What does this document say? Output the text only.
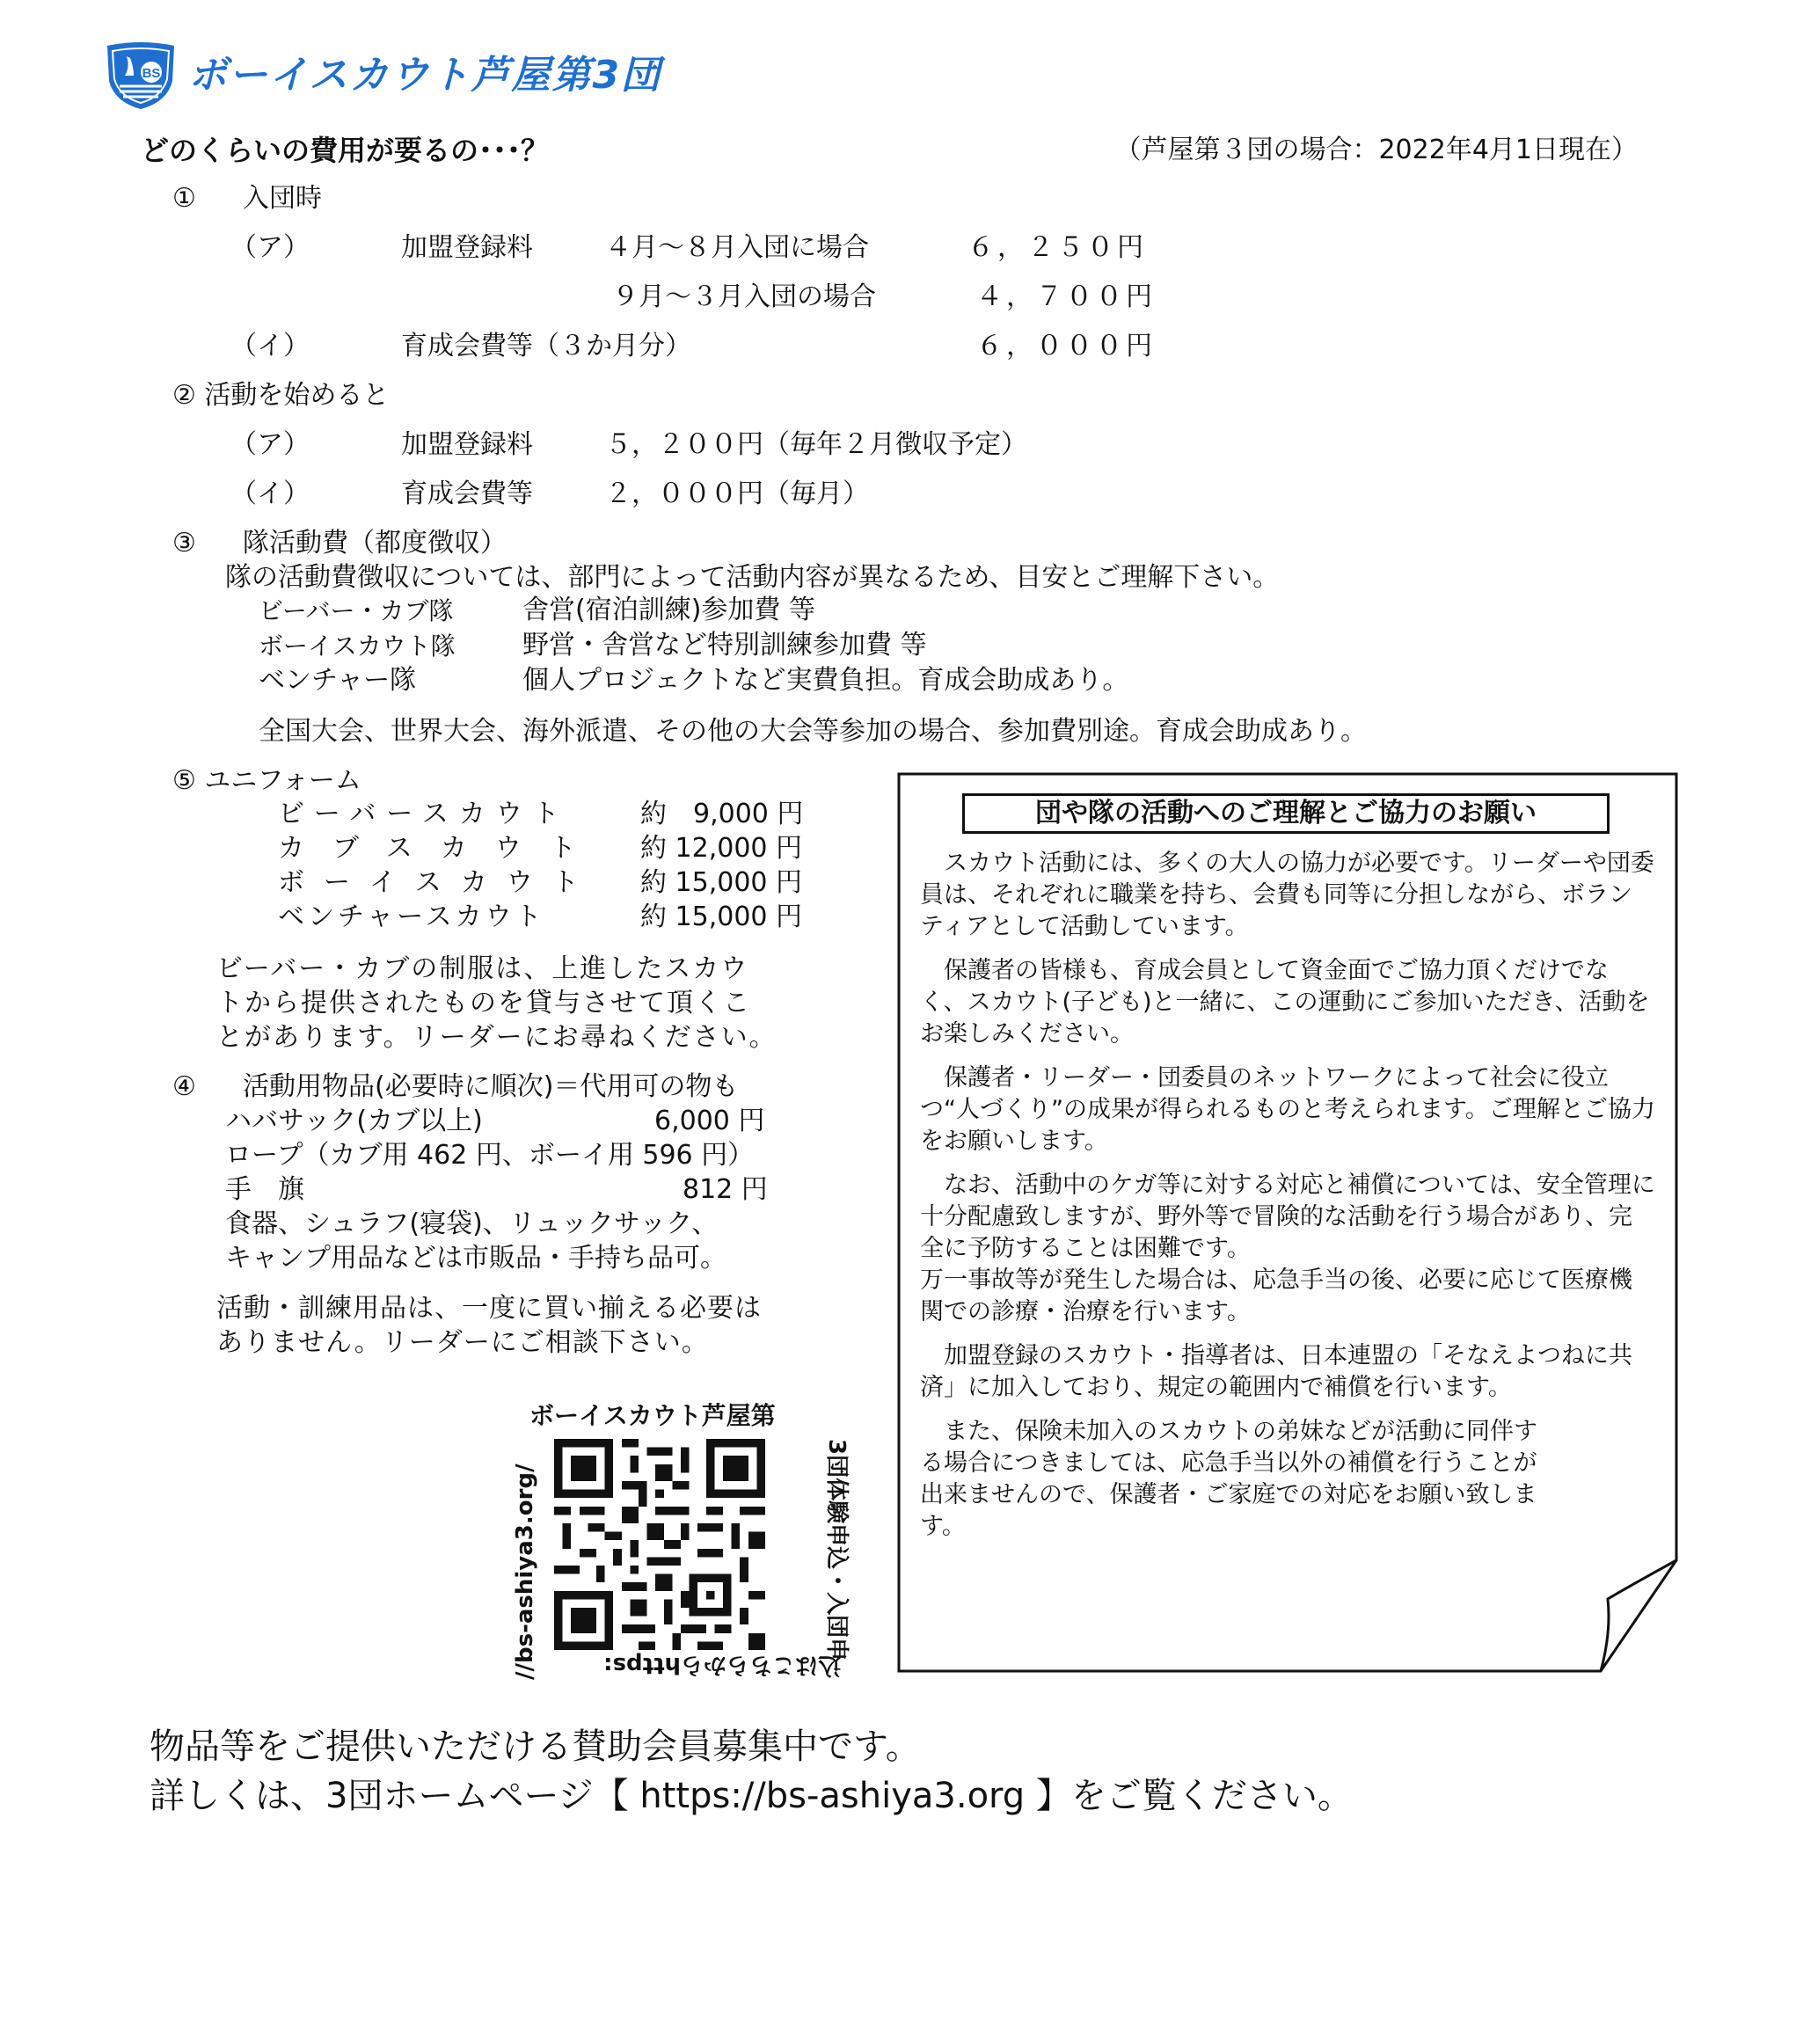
BS ボーイスカウト芦屋第3団
どのくらいの費用が要るの･･･？	（芦屋第３団の場合：2022年4月1日現在）
① 入団時
（ア）	加盟登録料	４月～８月入団に場合	６，２５０円
９月～３月入団の場合	４，７００円
（イ）	育成会費等（３か月分）	６，０００円
② 活動を始めると
（ア）	加盟登録料	５，２００円（毎年２月徴収予定）
（イ）	育成会費等	２，０００円（毎月）
③ 隊活動費（都度徴収）
隊の活動費徴収については、部門によって活動内容が異なるため、目安とご理解下さい。
ビーバー・カブ隊	舎営(宿泊訓練)参加費 等
ボーイスカウト隊	野営・舎営など特別訓練参加費 等
ベンチャー隊	個人プロジェクトなど実費負担。育成会助成あり。
全国大会、世界大会、海外派遣、その他の大会等参加の場合、参加費別途。育成会助成あり。
⑤ ユニフォーム
ビーバースカウト	約　9,000 円
カブスカウト 約 12,000 円
ボーイスカウト 約 15,000 円
ベンチャースカウト	約 15,000 円
ビーバー・カブの制服は、上進したスカウ
トから提供されたものを貸与させて頂くこ
とがあります。リーダーにお尋ねください。
④ 活動用物品(必要時に順次)＝代用可の物も
ハバサック(カブ以上)	6,000 円
ロープ（カブ用 462 円、ボーイ用 596 円）
手　旗	812 円
食器、シュラフ(寝袋)、リュックサック、
キャンプ用品などは市販品・手持ち品可。
活動・訓練用品は、一度に買い揃える必要は
ありません。リーダーにご相談下さい。
ボーイスカウト芦屋第
3団体験申込・入団申
込はこちらからhttps:
//bs-ashiya3.org/
団や隊の活動へのご理解とご協力のお願い

　スカウト活動には、多くの大人の協力が必要です。リーダーや団委員は、それぞれに職業を持ち、会費も同等に分担しながら、ボランティアとして活動しています。

　保護者の皆様も、育成会員として資金面でご協力頂くだけでなく、スカウト(子ども)と一緒に、この運動にご参加いただき、活動をお楽しみください。

　保護者・リーダー・団委員のネットワークによって社会に役立つ“人づくり”の成果が得られるものと考えられます。ご理解とご協力をお願いします。

　なお、活動中のケガ等に対する対応と補償については、安全管理に十分配慮致しますが、野外等で冒険的な活動を行う場合があり、完全に予防することは困難です。

万一事故等が発生した場合は、応急手当の後、必要に応じて医療機関での診療・治療を行います。

　加盟登録のスカウト・指導者は、日本連盟の「そなえよつねに共済」に加入しており、規定の範囲内で補償を行います。

　また、保険未加入のスカウトの弟妹などが活動に同伴する場合につきましては、応急手当以外の補償を行うことが出来ませんので、保護者・ご家庭での対応をお願い致します。

物品等をご提供いただける賛助会員募集中です。
詳しくは、3団ホームページ【 https://bs-ashiya3.org 】をご覧ください。
